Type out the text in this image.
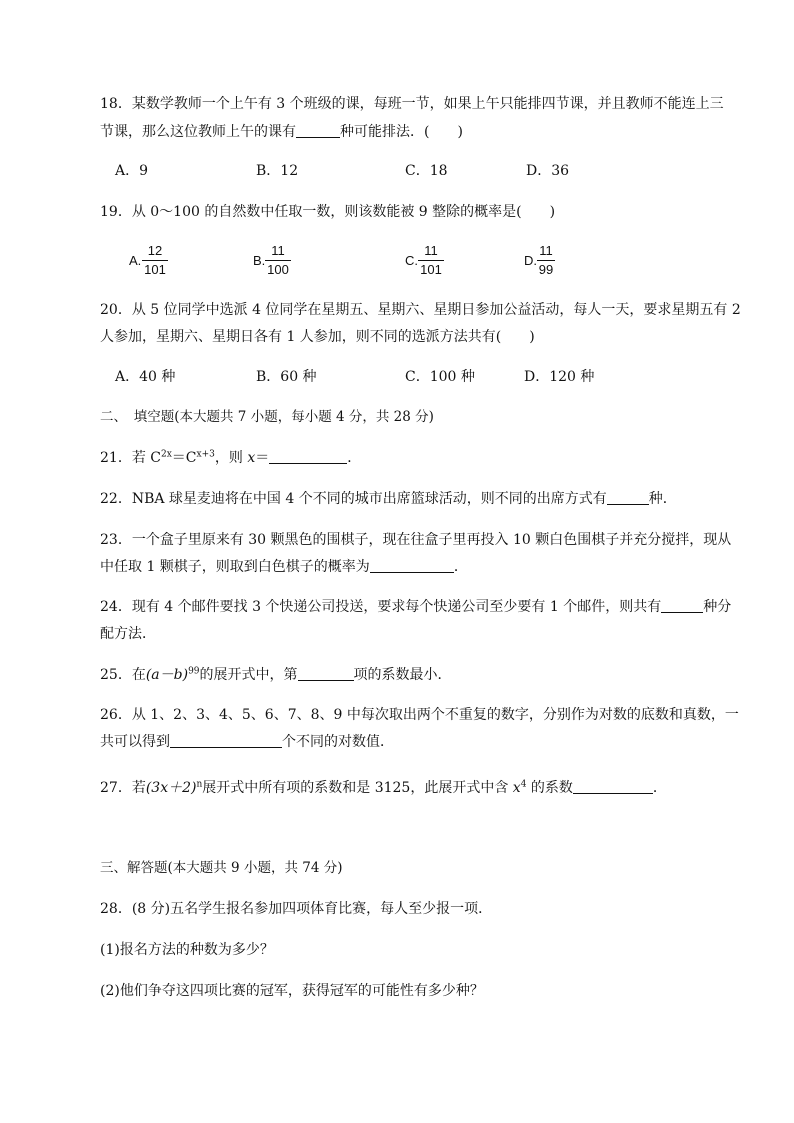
18．某数学教师一个上午有 3 个班级的课，每班一节，如果上午只能排四节课，并且教师不能连上三
节课，那么这位教师上午的课有	种可能排法．(　　)
A．9	B．12	C．18	D．36
19．从 0～100 的自然数中任取一数，则该数能被 9 整除的概率是(　　)
A.
12
101
B.
11
100
C.
11
101
D.
11
99
20．从 5 位同学中选派 4 位同学在星期五、星期六、星期日参加公益活动，每人一天，要求星期五有 2
人参加，星期六、星期日各有 1 人参加，则不同的选派方法共有(　　)
A．40 种	B．60 种	C．100 种	D．120 种
二、　填空题(本大题共 7 小题，每小题 4 分，共 28 分)
21．若 $C^{2x}=C^{x+3}$，则 x＝	．
22．NBA 球星麦迪将在中国 4 个不同的城市出席篮球活动，则不同的出席方式有	种．
23．一个盒子里原来有 30 颗黑色的围棋子，现在往盒子里再投入 10 颗白色围棋子并充分搅拌，现从
中任取 1 颗棋子，则取到白色棋子的概率为	．
24．现有 4 个邮件要找 3 个快递公司投送，要求每个快递公司至少要有 1 个邮件，则共有	种分
配方法．
25．在$(a-b)^{99}$的展开式中，第	项的系数最小．
26．从 1、2、3、4、5、6、7、8、9 中每次取出两个不重复的数字，分别作为对数的底数和真数，一
共可以得到	个不同的对数值．
27．若$(3x+2)^n$展开式中所有项的系数和是 3125，此展开式中含 $x^4$ 的系数	．
三、解答题(本大题共 9 小题，共 74 分)
28．(8 分)五名学生报名参加四项体育比赛，每人至少报一项．
(1)报名方法的种数为多少？
(2)他们争夺这四项比赛的冠军，获得冠军的可能性有多少种？
